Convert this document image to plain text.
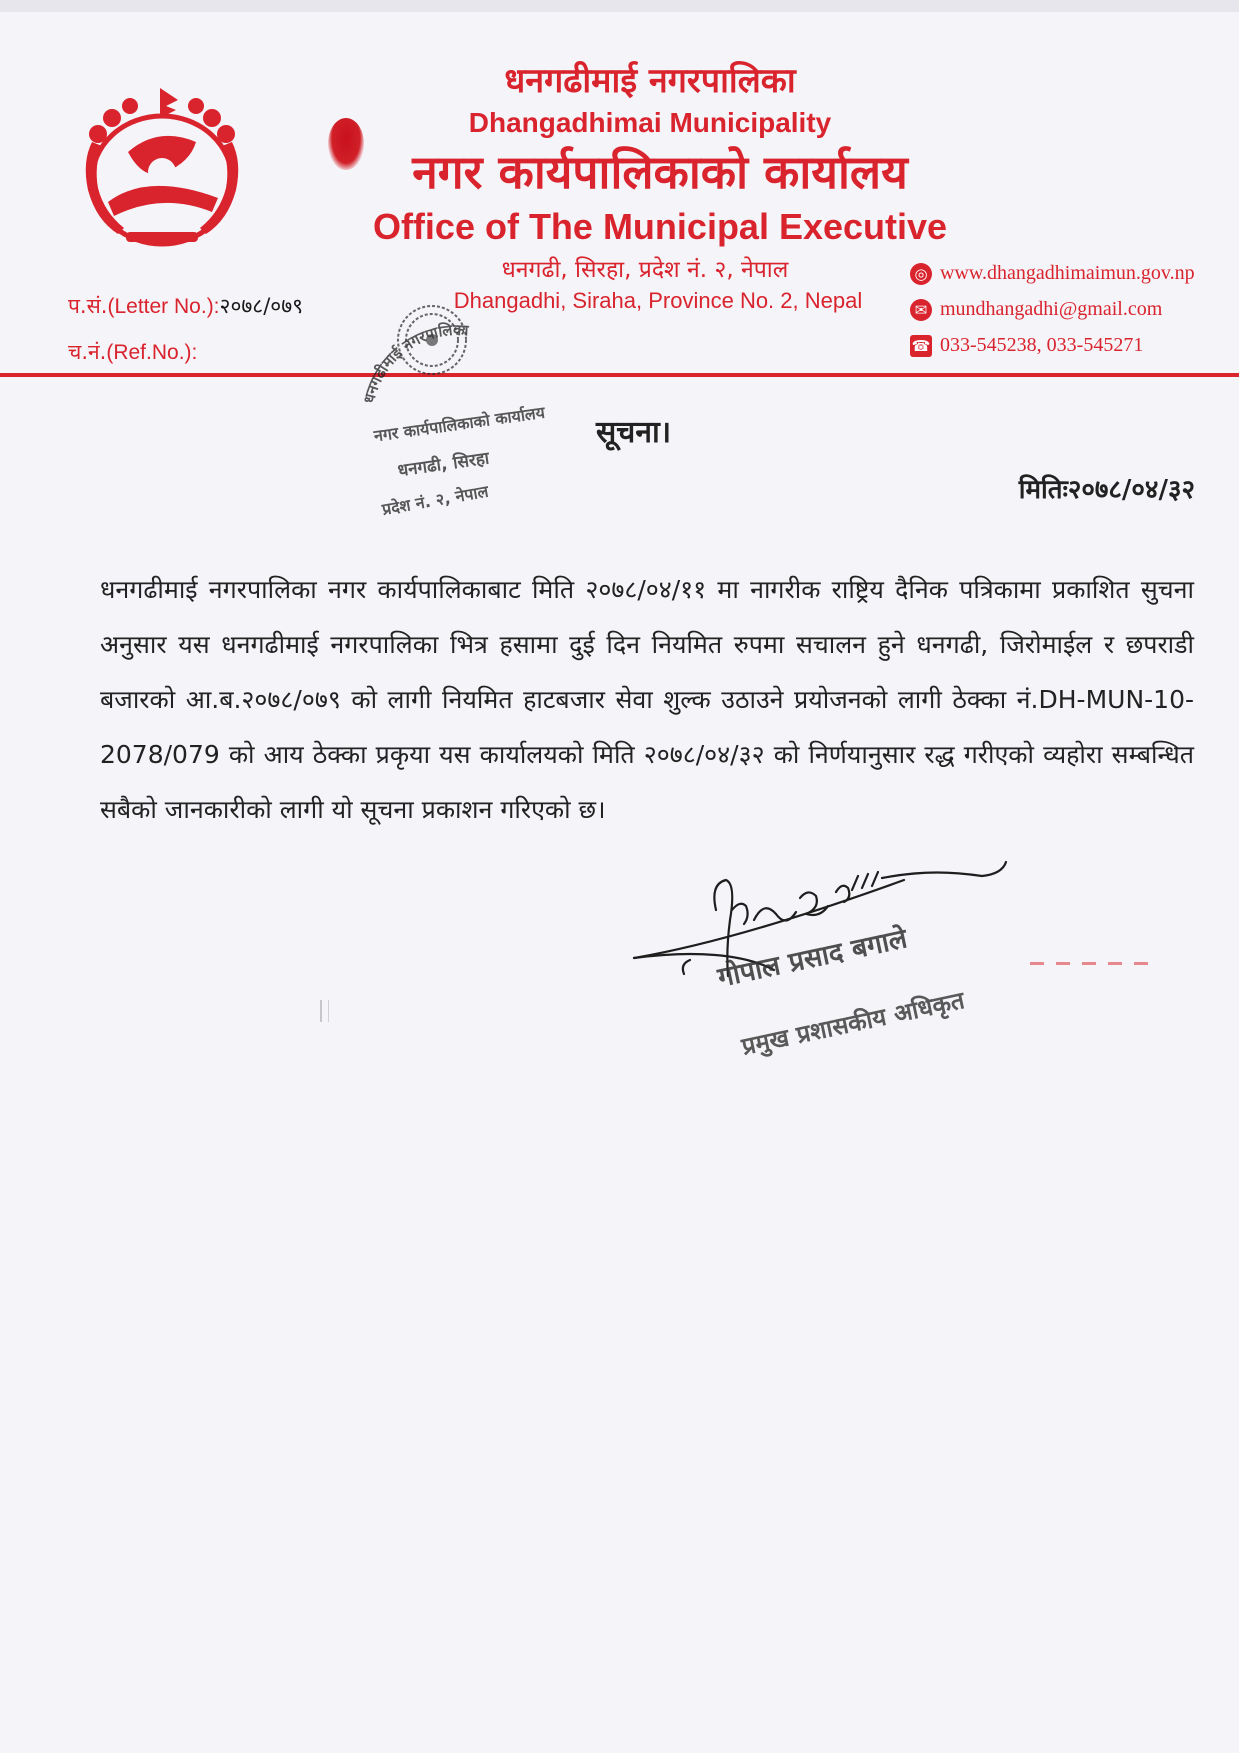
धनगढीमाई नगरपालिका
Dhangadhimai Municipality
नगर कार्यपालिकाको कार्यालय
Office of The Municipal Executive
धनगढी, सिरहा, प्रदेश नं. २, नेपाल
Dhangadhi, Siraha, Province No. 2, Nepal
प.सं.(Letter No.):२०७८/०७९
च.नं.(Ref.No.):
◎ www.dhangadhimaimun.gov.np
✉ mundhangadhi@gmail.com
☎ 033-545238, 033-545271
धनगढीमाई नगरपालिका
नगर कार्यपालिकाको कार्यालय
धनगढी, सिरहा
प्रदेश नं. २, नेपाल
सूचना।
मितिः२०७८/०४/३२
धनगढीमाई नगरपालिका नगर कार्यपालिकाबाट मिति २०७८/०४/११ मा नागरीक राष्ट्रिय दैनिक पत्रिकामा प्रकाशित सुचना अनुसार यस धनगढीमाई नगरपालिका भित्र हसामा दुई दिन नियमित रुपमा सचालन हुने धनगढी, जिरोमाईल र छपराडी बजारको आ.ब.२०७८/०७९ को लागी नियमित हाटबजार सेवा शुल्क उठाउने प्रयोजनको लागी ठेक्का नं.DH-MUN-10-2078/079 को आय ठेक्का प्रकृया यस कार्यालयको मिति २०७८/०४/३२ को निर्णयानुसार रद्ध गरीएको व्यहोरा सम्बन्धित सबैको जानकारीको लागी यो सूचना प्रकाशन गरिएको छ।
गोपाल प्रसाद बगाले
प्रमुख प्रशासकीय अधिकृत
